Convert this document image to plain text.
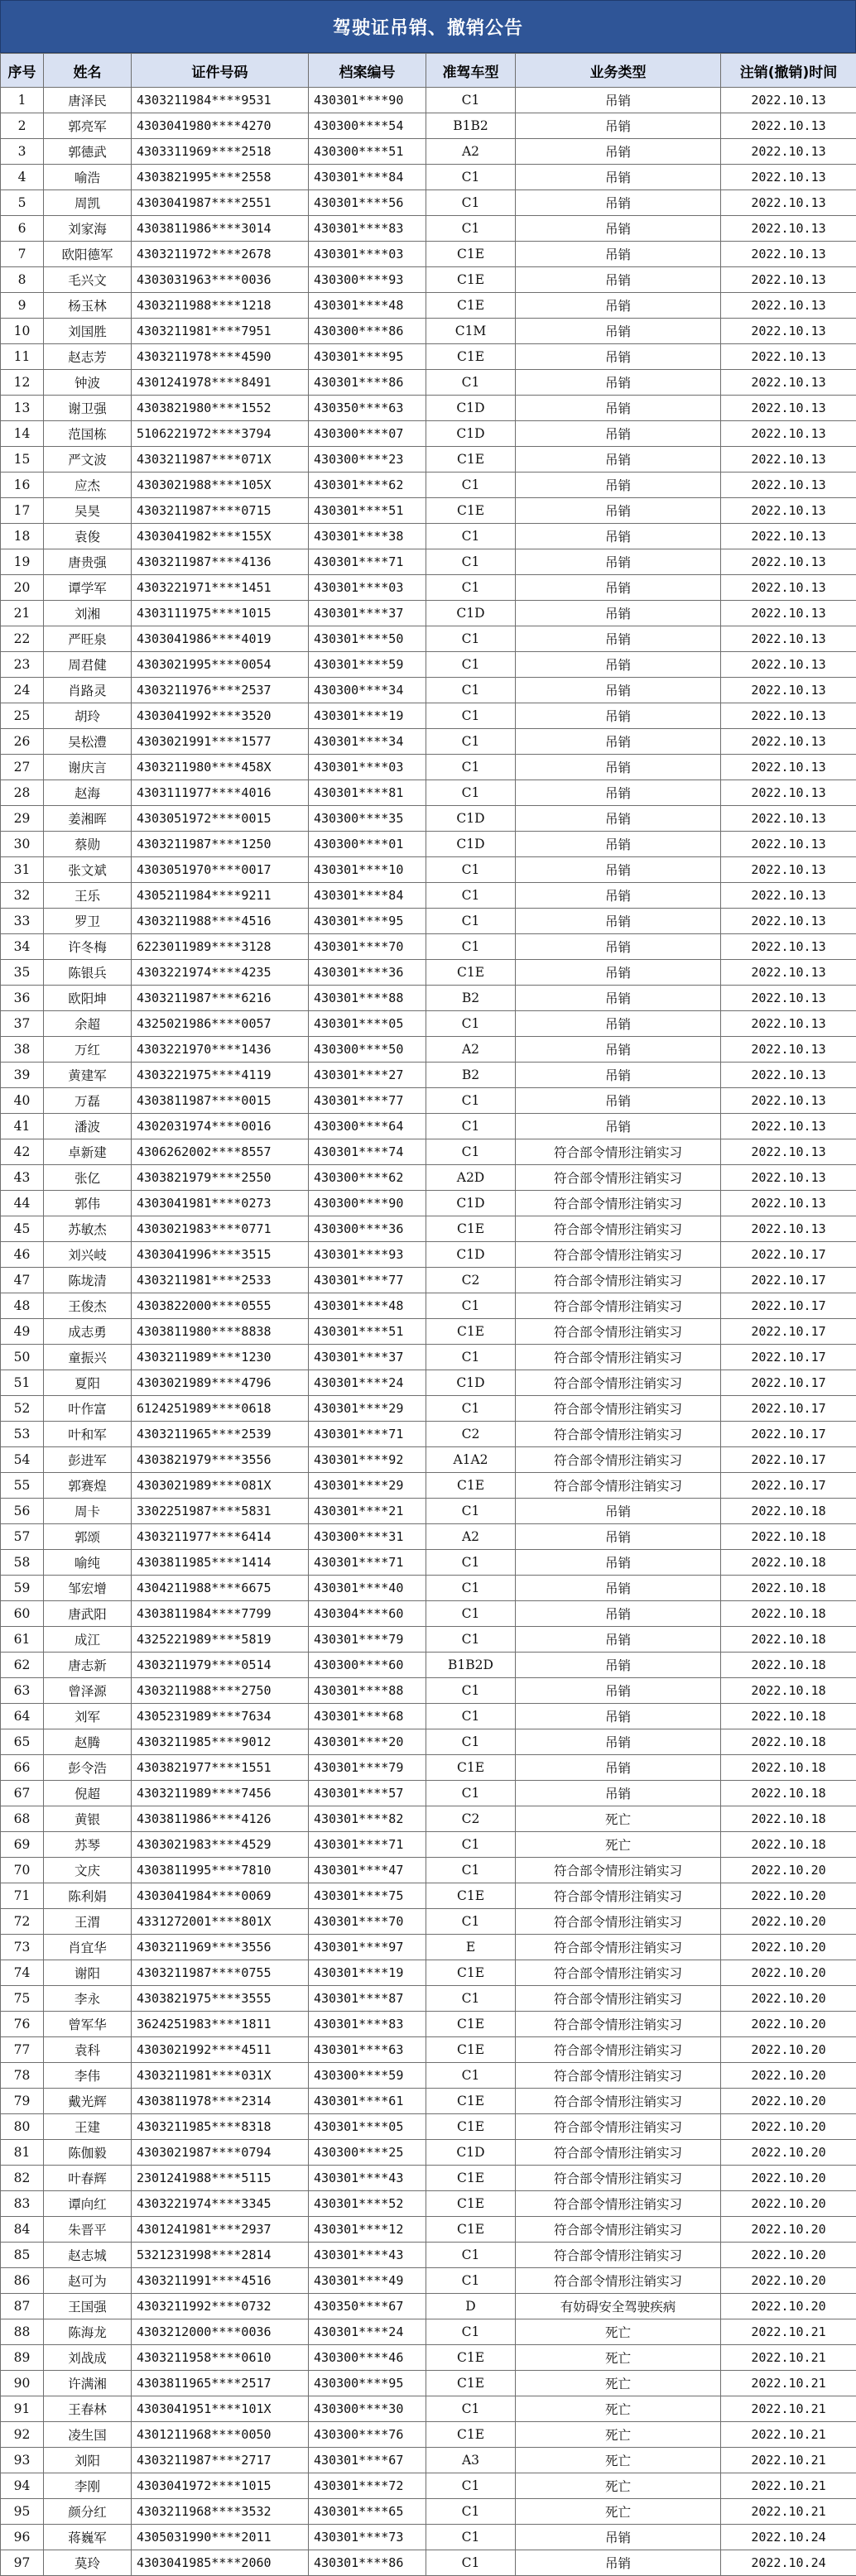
驾驶证吊销、撤销公告
序号	姓名	证件号码	档案编号	准驾车型	业务类型	注销(撤销)时间
1	唐泽民	4303211984****9531	430301****90	C1	吊销	2022.10.13
2	郭亮军	4303041980****4270	430300****54	B1B2	吊销	2022.10.13
3	郭德武	4303311969****2518	430300****51	A2	吊销	2022.10.13
4	喻浩	4303821995****2558	430301****84	C1	吊销	2022.10.13
5	周凯	4303041987****2551	430301****56	C1	吊销	2022.10.13
6	刘家海	4303811986****3014	430301****83	C1	吊销	2022.10.13
7	欧阳德军	4303211972****2678	430301****03	C1E	吊销	2022.10.13
8	毛兴文	4303031963****0036	430300****93	C1E	吊销	2022.10.13
9	杨玉林	4303211988****1218	430301****48	C1E	吊销	2022.10.13
10	刘国胜	4303211981****7951	430300****86	C1M	吊销	2022.10.13
11	赵志芳	4303211978****4590	430301****95	C1E	吊销	2022.10.13
12	钟波	4301241978****8491	430301****86	C1	吊销	2022.10.13
13	谢卫强	4303821980****1552	430350****63	C1D	吊销	2022.10.13
14	范国栋	5106221972****3794	430300****07	C1D	吊销	2022.10.13
15	严文波	4303211987****071X	430300****23	C1E	吊销	2022.10.13
16	应杰	4303021988****105X	430301****62	C1	吊销	2022.10.13
17	吴昊	4303211987****0715	430301****51	C1E	吊销	2022.10.13
18	袁俊	4303041982****155X	430301****38	C1	吊销	2022.10.13
19	唐贵强	4303211987****4136	430301****71	C1	吊销	2022.10.13
20	谭学军	4303221971****1451	430301****03	C1	吊销	2022.10.13
21	刘湘	4303111975****1015	430301****37	C1D	吊销	2022.10.13
22	严旺泉	4303041986****4019	430301****50	C1	吊销	2022.10.13
23	周君健	4303021995****0054	430301****59	C1	吊销	2022.10.13
24	肖路灵	4303211976****2537	430300****34	C1	吊销	2022.10.13
25	胡玲	4303041992****3520	430301****19	C1	吊销	2022.10.13
26	吴松澧	4303021991****1577	430301****34	C1	吊销	2022.10.13
27	谢庆言	4303211980****458X	430301****03	C1	吊销	2022.10.13
28	赵海	4303111977****4016	430301****81	C1	吊销	2022.10.13
29	姜湘晖	4303051972****0015	430300****35	C1D	吊销	2022.10.13
30	蔡勋	4303211987****1250	430300****01	C1D	吊销	2022.10.13
31	张文斌	4303051970****0017	430301****10	C1	吊销	2022.10.13
32	王乐	4305211984****9211	430301****84	C1	吊销	2022.10.13
33	罗卫	4303211988****4516	430301****95	C1	吊销	2022.10.13
34	许冬梅	6223011989****3128	430301****70	C1	吊销	2022.10.13
35	陈银兵	4303221974****4235	430301****36	C1E	吊销	2022.10.13
36	欧阳坤	4303211987****6216	430301****88	B2	吊销	2022.10.13
37	余超	4325021986****0057	430301****05	C1	吊销	2022.10.13
38	万红	4303221970****1436	430300****50	A2	吊销	2022.10.13
39	黄建军	4303221975****4119	430301****27	B2	吊销	2022.10.13
40	万磊	4303811987****0015	430301****77	C1	吊销	2022.10.13
41	潘波	4302031974****0016	430300****64	C1	吊销	2022.10.13
42	卓新建	4306262002****8557	430301****74	C1	符合部令情形注销实习	2022.10.13
43	张亿	4303821979****2550	430300****62	A2D	符合部令情形注销实习	2022.10.13
44	郭伟	4303041981****0273	430300****90	C1D	符合部令情形注销实习	2022.10.13
45	苏敏杰	4303021983****0771	430300****36	C1E	符合部令情形注销实习	2022.10.13
46	刘兴岐	4303041996****3515	430301****93	C1D	符合部令情形注销实习	2022.10.17
47	陈垅清	4303211981****2533	430301****77	C2	符合部令情形注销实习	2022.10.17
48	王俊杰	4303822000****0555	430301****48	C1	符合部令情形注销实习	2022.10.17
49	成志勇	4303811980****8838	430301****51	C1E	符合部令情形注销实习	2022.10.17
50	童振兴	4303211989****1230	430301****37	C1	符合部令情形注销实习	2022.10.17
51	夏阳	4303021989****4796	430301****24	C1D	符合部令情形注销实习	2022.10.17
52	叶作富	6124251989****0618	430301****29	C1	符合部令情形注销实习	2022.10.17
53	叶和军	4303211965****2539	430301****71	C2	符合部令情形注销实习	2022.10.17
54	彭进军	4303821979****3556	430301****92	A1A2	符合部令情形注销实习	2022.10.17
55	郭赛煌	4303021989****081X	430301****29	C1E	符合部令情形注销实习	2022.10.17
56	周卡	3302251987****5831	430301****21	C1	吊销	2022.10.18
57	郭颂	4303211977****6414	430300****31	A2	吊销	2022.10.18
58	喻纯	4303811985****1414	430301****71	C1	吊销	2022.10.18
59	邹宏增	4304211988****6675	430301****40	C1	吊销	2022.10.18
60	唐武阳	4303811984****7799	430304****60	C1	吊销	2022.10.18
61	成江	4325221989****5819	430301****79	C1	吊销	2022.10.18
62	唐志新	4303211979****0514	430300****60	B1B2D	吊销	2022.10.18
63	曾泽源	4303211988****2750	430301****88	C1	吊销	2022.10.18
64	刘军	4305231989****7634	430301****68	C1	吊销	2022.10.18
65	赵腾	4303211985****9012	430301****20	C1	吊销	2022.10.18
66	彭令浩	4303821977****1551	430301****79	C1E	吊销	2022.10.18
67	倪超	4303211989****7456	430301****57	C1	吊销	2022.10.18
68	黄银	4303811986****4126	430301****82	C2	死亡	2022.10.18
69	苏琴	4303021983****4529	430301****71	C1	死亡	2022.10.18
70	文庆	4303811995****7810	430301****47	C1	符合部令情形注销实习	2022.10.20
71	陈利娟	4303041984****0069	430301****75	C1E	符合部令情形注销实习	2022.10.20
72	王渭	4331272001****801X	430301****70	C1	符合部令情形注销实习	2022.10.20
73	肖宜华	4303211969****3556	430301****97	E	符合部令情形注销实习	2022.10.20
74	谢阳	4303211987****0755	430301****19	C1E	符合部令情形注销实习	2022.10.20
75	李永	4303821975****3555	430301****87	C1	符合部令情形注销实习	2022.10.20
76	曾军华	3624251983****1811	430301****83	C1E	符合部令情形注销实习	2022.10.20
77	袁科	4303021992****4511	430301****63	C1E	符合部令情形注销实习	2022.10.20
78	李伟	4303211981****031X	430300****59	C1	符合部令情形注销实习	2022.10.20
79	戴光辉	4303811978****2314	430301****61	C1E	符合部令情形注销实习	2022.10.20
80	王建	4303211985****8318	430301****05	C1E	符合部令情形注销实习	2022.10.20
81	陈伽毅	4303021987****0794	430300****25	C1D	符合部令情形注销实习	2022.10.20
82	叶春辉	2301241988****5115	430301****43	C1E	符合部令情形注销实习	2022.10.20
83	谭向红	4303221974****3345	430301****52	C1E	符合部令情形注销实习	2022.10.20
84	朱晋平	4301241981****2937	430301****12	C1E	符合部令情形注销实习	2022.10.20
85	赵志城	5321231998****2814	430301****43	C1	符合部令情形注销实习	2022.10.20
86	赵可为	4303211991****4516	430301****49	C1	符合部令情形注销实习	2022.10.20
87	王国强	4303211992****0732	430350****67	D	有妨碍安全驾驶疾病	2022.10.20
88	陈海龙	4303212000****0036	430301****24	C1	死亡	2022.10.21
89	刘战成	4303211958****0610	430300****46	C1E	死亡	2022.10.21
90	许满湘	4303811965****2517	430300****95	C1E	死亡	2022.10.21
91	王春林	4303041951****101X	430300****30	C1	死亡	2022.10.21
92	凌生国	4301211968****0050	430300****76	C1E	死亡	2022.10.21
93	刘阳	4303211987****2717	430301****67	A3	死亡	2022.10.21
94	李刚	4303041972****1015	430301****72	C1	死亡	2022.10.21
95	颜分红	4303211968****3532	430301****65	C1	死亡	2022.10.21
96	蒋巍军	4305031990****2011	430301****73	C1	吊销	2022.10.24
97	莫玲	4303041985****2060	430301****86	C1	吊销	2022.10.24
